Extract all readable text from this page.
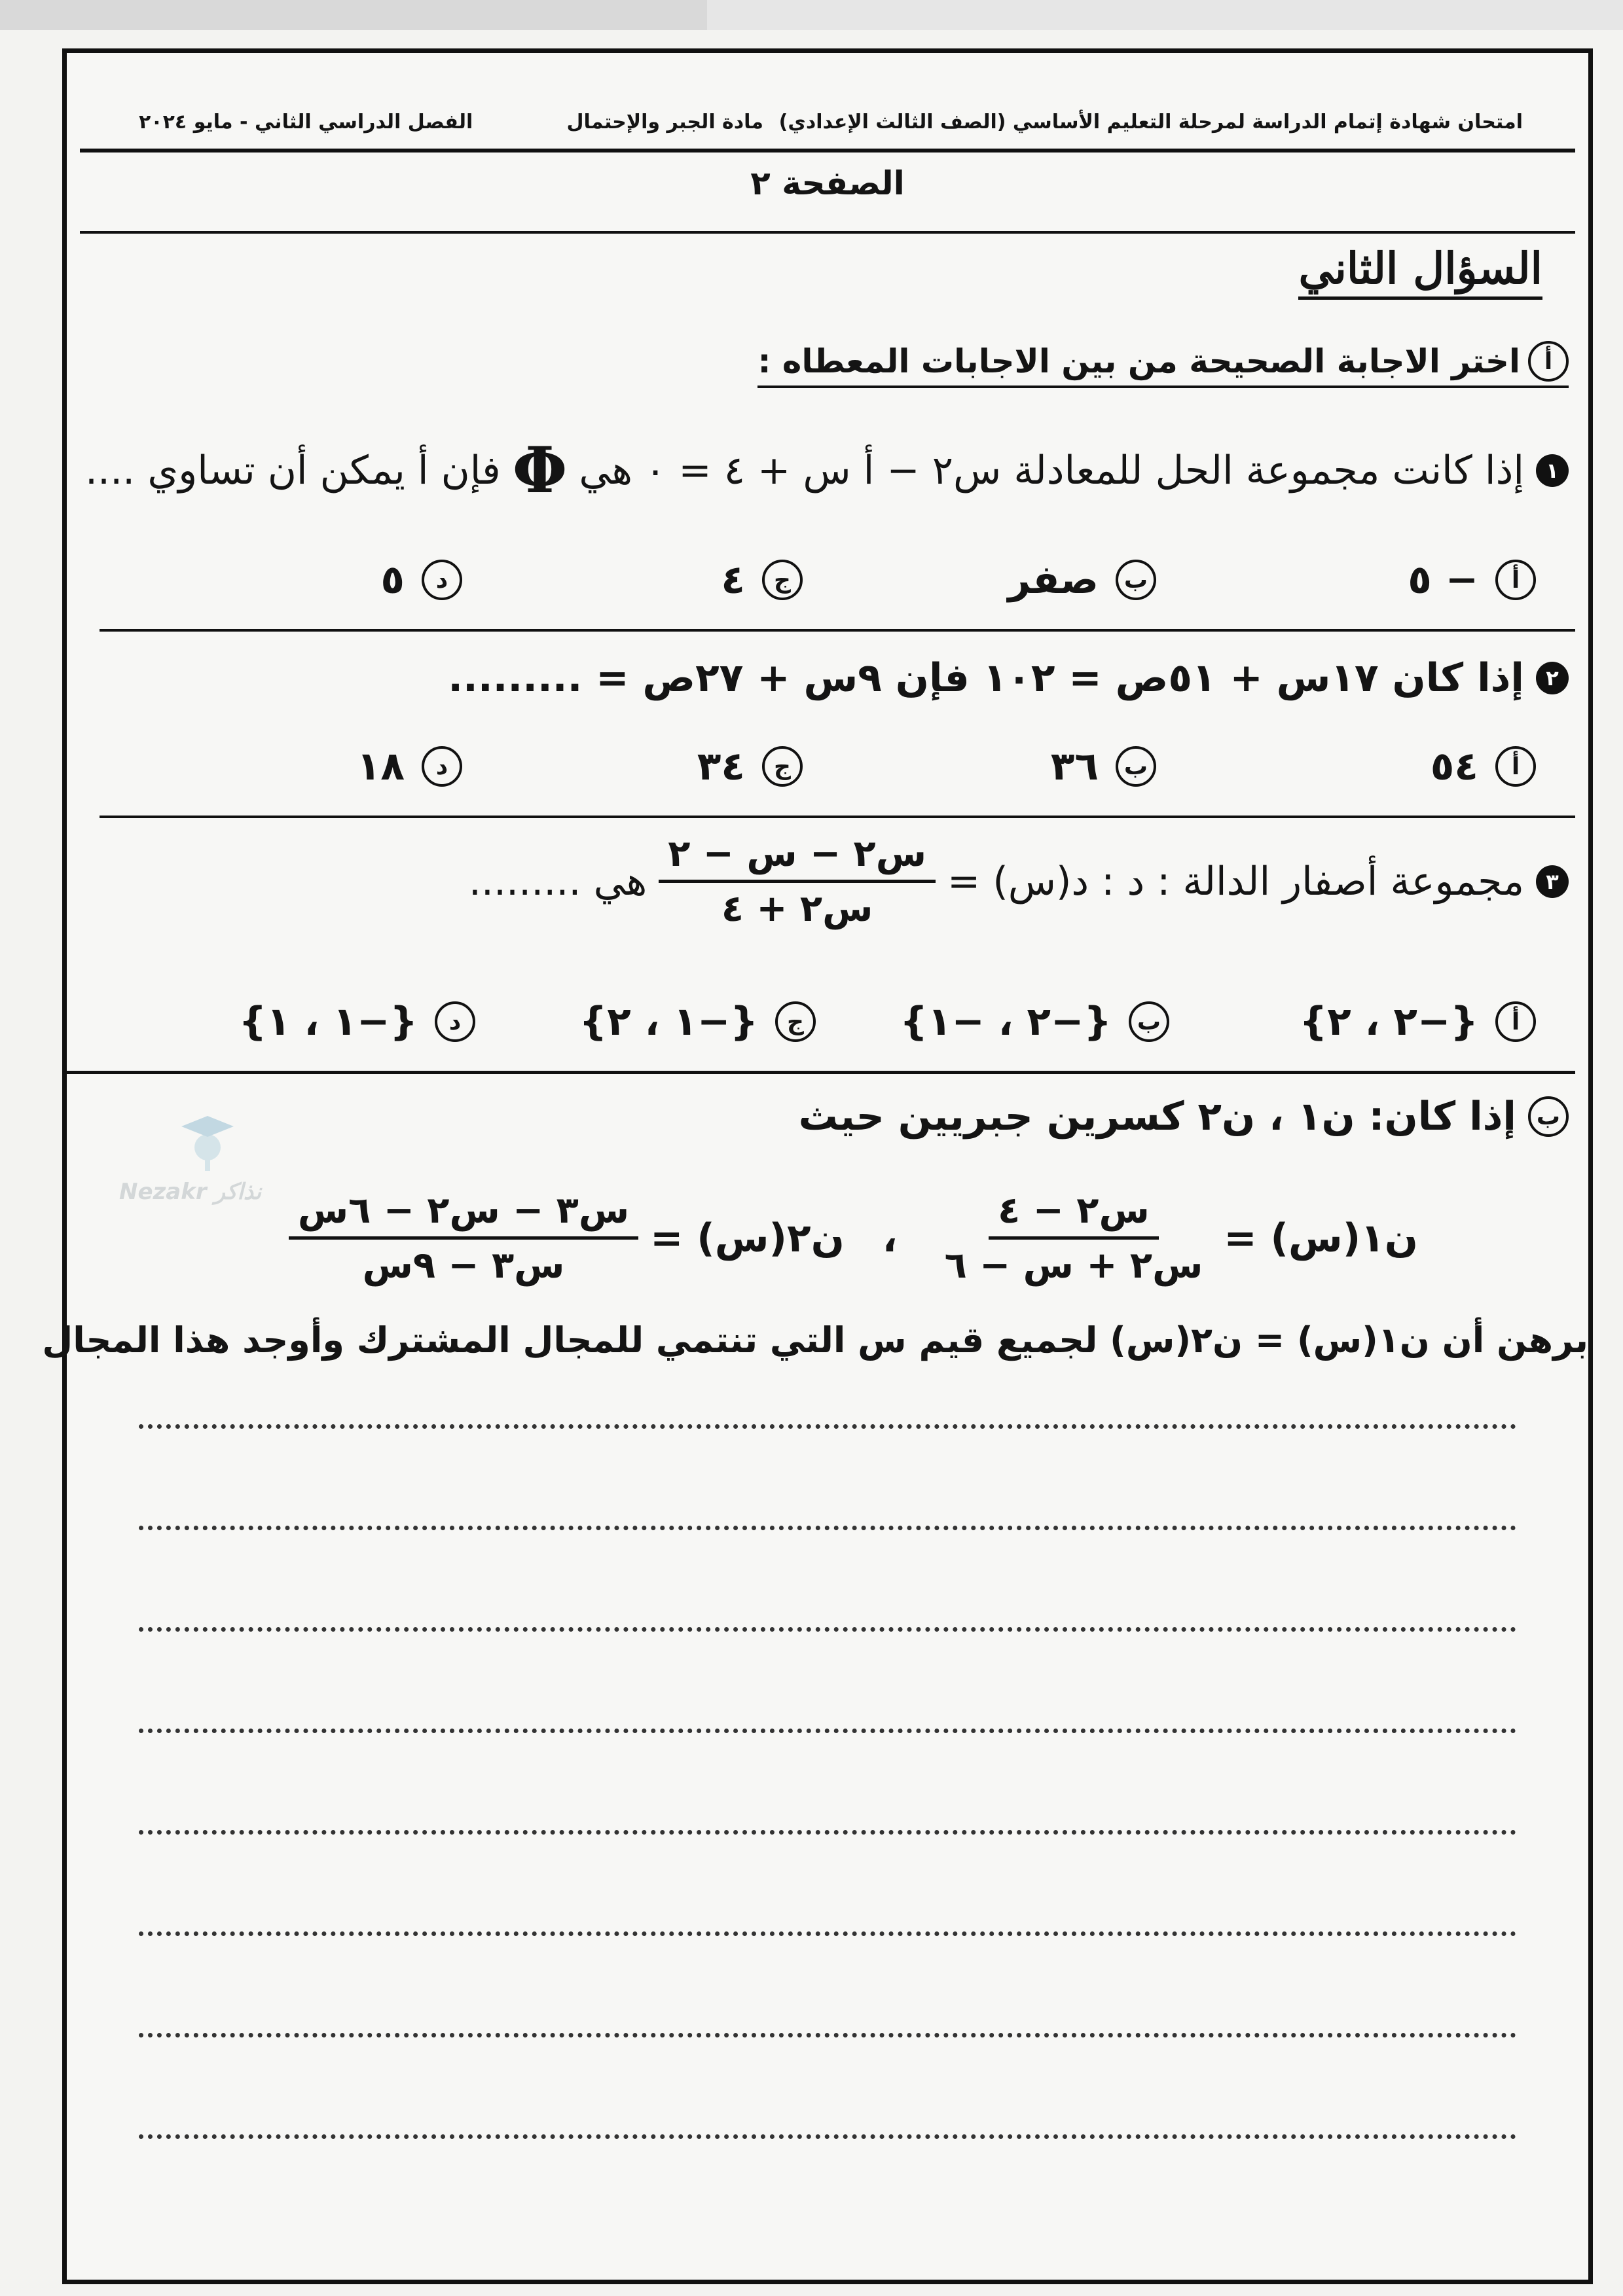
امتحان شهادة إتمام الدراسة لمرحلة التعليم الأساسي (الصف الثالث الإعدادي)
مادة الجبر والإحتمال
الفصل الدراسي الثاني - مايو ٢٠٢٤
الصفحة ٢
السؤال الثاني
أ
اختر الاجابة الصحيحة من بين الاجابات المعطاه :
١
إذا كانت مجموعة الحل للمعادلة س٢ − أ س + ٤ = ٠ هي
Φ
فإن أ يمكن أن تساوي ....
أ
− ٥
ب
صفر
ج
٤
د
٥
٢
إذا كان ١٧س + ٥١ص = ١٠٢ فإن ٩س + ٢٧ص = .........
أ
٥٤
ب
٣٦
ج
٣٤
د
١٨
٣
مجموعة أصفار الدالة : د : د(س) =
$\frac{\text{س٢ − س − ٢}}{\text{س٢ + ٤}}$
هي .........
أ
{−٢ ، ٢}
ب
{−٢ ، −١}
ج
{−١ ، ٢}
د
{−١ ، ١}
ب
إذا كان: ن١ ، ن٢ كسرين جبريين حيث
ن١(س) =
$\frac{\text{س٢ − ٤}}{\text{س٢ + س − ٦}}$
،
ن٢(س) =
$\frac{\text{س٣ − س٢ − ٦س}}{\text{س٣ − ٩س}}$
برهن أن ن١(س) = ن٢(س) لجميع قيم س التي تنتمي للمجال المشترك وأوجد هذا المجال
Nezakr نذاكر
